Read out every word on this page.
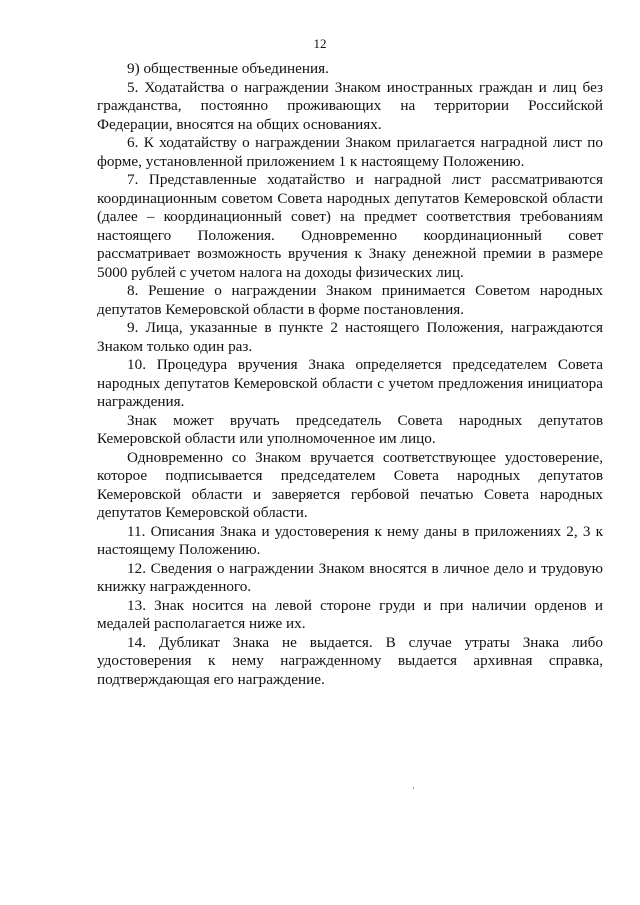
12

9) общественные объединения.

5. Ходатайства о награждении Знаком иностранных граждан и лиц без гражданства, постоянно проживающих на территории Российской Федерации, вносятся на общих основаниях.

6. К ходатайству о награждении Знаком прилагается наградной лист по форме, установленной приложением 1 к настоящему Положению.

7. Представленные ходатайство и наградной лист рассматриваются координационным советом Совета народных депутатов Кемеровской области (далее – координационный совет) на предмет соответствия требованиям настоящего Положения. Одновременно координационный совет рассматривает возможность вручения к Знаку денежной премии в размере 5000 рублей с учетом налога на доходы физических лиц.

8. Решение о награждении Знаком принимается Советом народных депутатов Кемеровской области в форме постановления.

9. Лица, указанные в пункте 2 настоящего Положения, награждаются Знаком только один раз.

10. Процедура вручения Знака определяется председателем Совета народных депутатов Кемеровской области с учетом предложения инициатора награждения.

Знак может вручать председатель Совета народных депутатов Кемеровской области или уполномоченное им лицо.

Одновременно со Знаком вручается соответствующее удостоверение, которое подписывается председателем Совета народных депутатов Кемеровской области и заверяется гербовой печатью Совета народных депутатов Кемеровской области.

11. Описания Знака и удостоверения к нему даны в приложениях 2, 3 к настоящему Положению.

12. Сведения о награждении Знаком вносятся в личное дело и трудовую книжку награжденного.

13. Знак носится на левой стороне груди и при наличии орденов и медалей располагается ниже их.

14. Дубликат Знака не выдается. В случае утраты Знака либо удостоверения к нему награжденному выдается архивная справка, подтверждающая его награждение.
